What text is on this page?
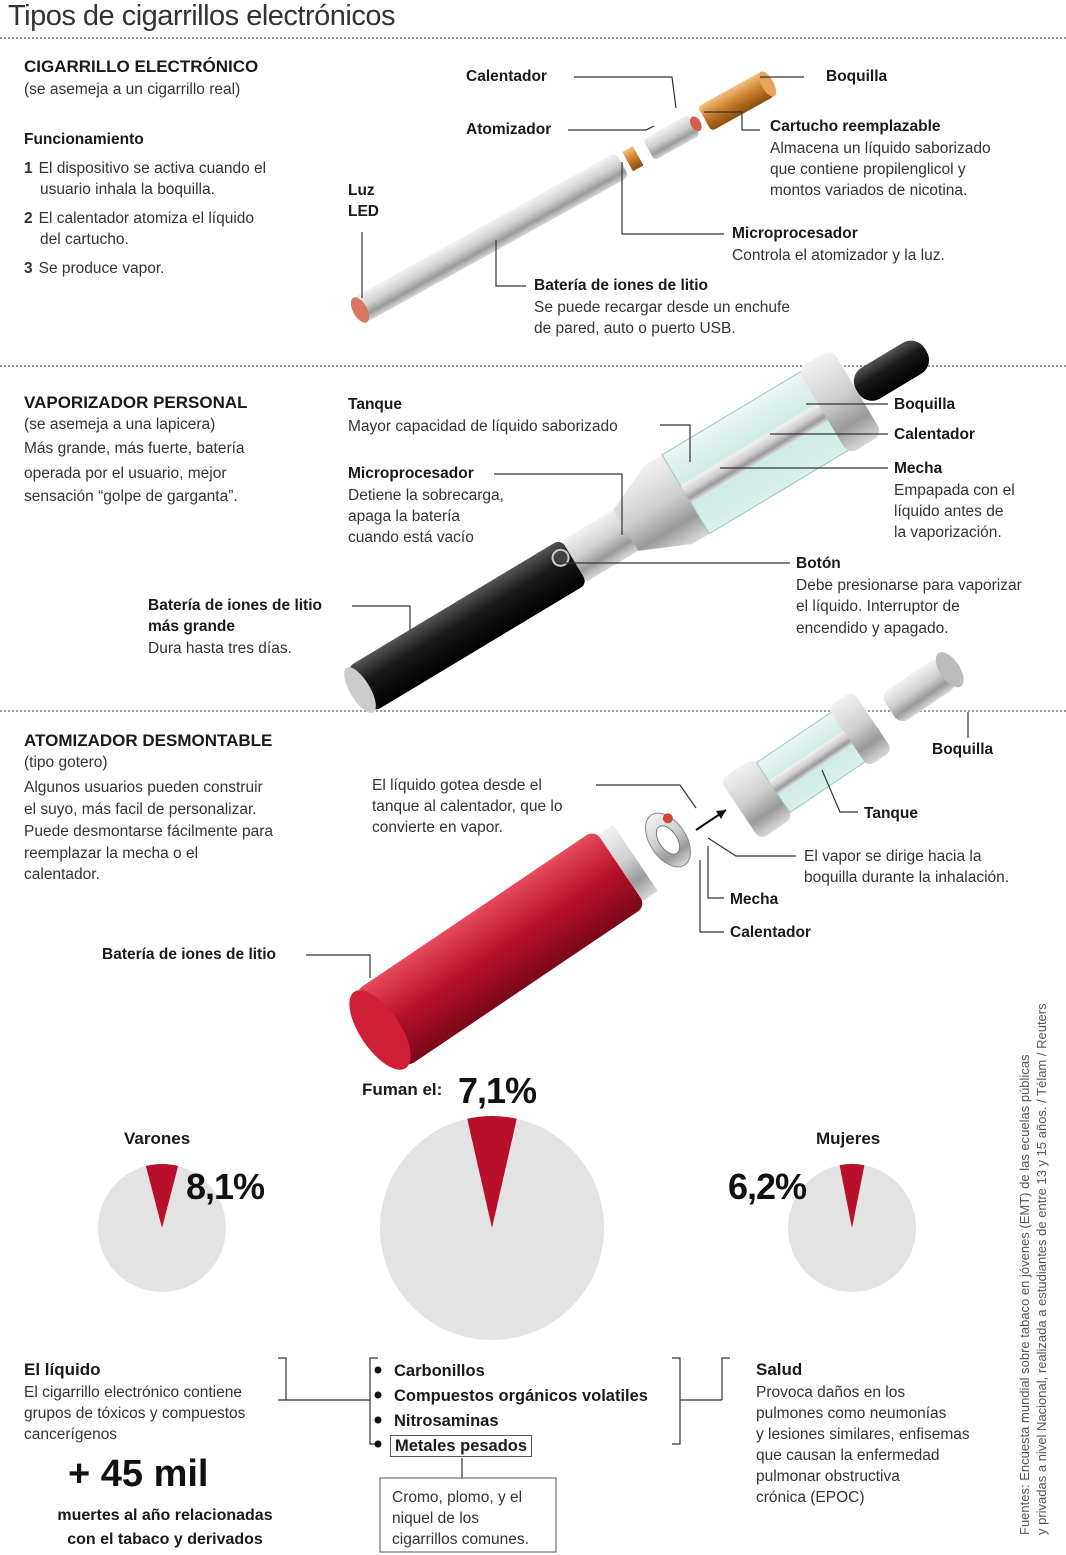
Tipos de cigarrillos electrónicos
CIGARRILLO ELECTRÓNICO
(se asemeja a un cigarrillo real)
Funcionamiento
1 El dispositivo se activa cuando el
usuario inhala la boquilla.
2 El calentador atomiza el líquido
del cartucho.
3 Se produce vapor.
Calentador	Boquilla
Atomizador	Cartucho reemplazable
Almacena un líquido saborizado
que contiene propilenglicol y
montos variados de nicotina.
Luz
LED
Microprocesador
Controla el atomizador y la luz.
Batería de iones de litio
Se puede recargar desde un enchufe
de pared, auto o puerto USB.
VAPORIZADOR PERSONAL
(se asemeja a una lapicera)
Más grande, más fuerte, batería
operada por el usuario, mejor
sensación “golpe de garganta”.
Tanque
Mayor capacidad de líquido saborizado
Microprocesador
Detiene la sobrecarga,
apaga la batería
cuando está vacío
Boquilla
Calentador
Mecha
Empapada con el
líquido antes de
la vaporización.
Botón
Debe presionarse para vaporizar
el líquido. Interruptor de
encendido y apagado.
Batería de iones de litio
más grande
Dura hasta tres días.
ATOMIZADOR DESMONTABLE
(tipo gotero)
Algunos usuarios pueden construir
el suyo, más facil de personalizar.
Puede desmontarse fácilmente para
reemplazar la mecha o el
calentador.
El líquido gotea desde el
tanque al calentador, que lo
convierte en vapor.
Boquilla
Tanque
El vapor se dirige hacia la
boquilla durante la inhalación.
Mecha
Calentador
Batería de iones de litio
Fuman el: 7,1%
Varones
8,1%
Mujeres
6,2%
El líquido
El cigarrillo electrónico contiene
grupos de tóxicos y compuestos
cancerígenos
+ 45 mil
muertes al año relacionadas
con el tabaco y derivados
Carbonillos
Compuestos orgánicos volatiles
Nitrosaminas
Metales pesados
Cromo, plomo, y el
niquel de los
cigarrillos comunes.
Salud
Provoca daños en los
pulmones como neumonías
y lesiones similares, enfisemas
que causan la enfermedad
pulmonar obstructiva
crónica (EPOC)	Fuentes: Encuesta mundial sobre tabaco en jóvenes (EMT) de las ecuelas públicas y privadas a nivel Nacional, realizada a estudiantes de entre 13 y 15 años. / Télam / Reuters
